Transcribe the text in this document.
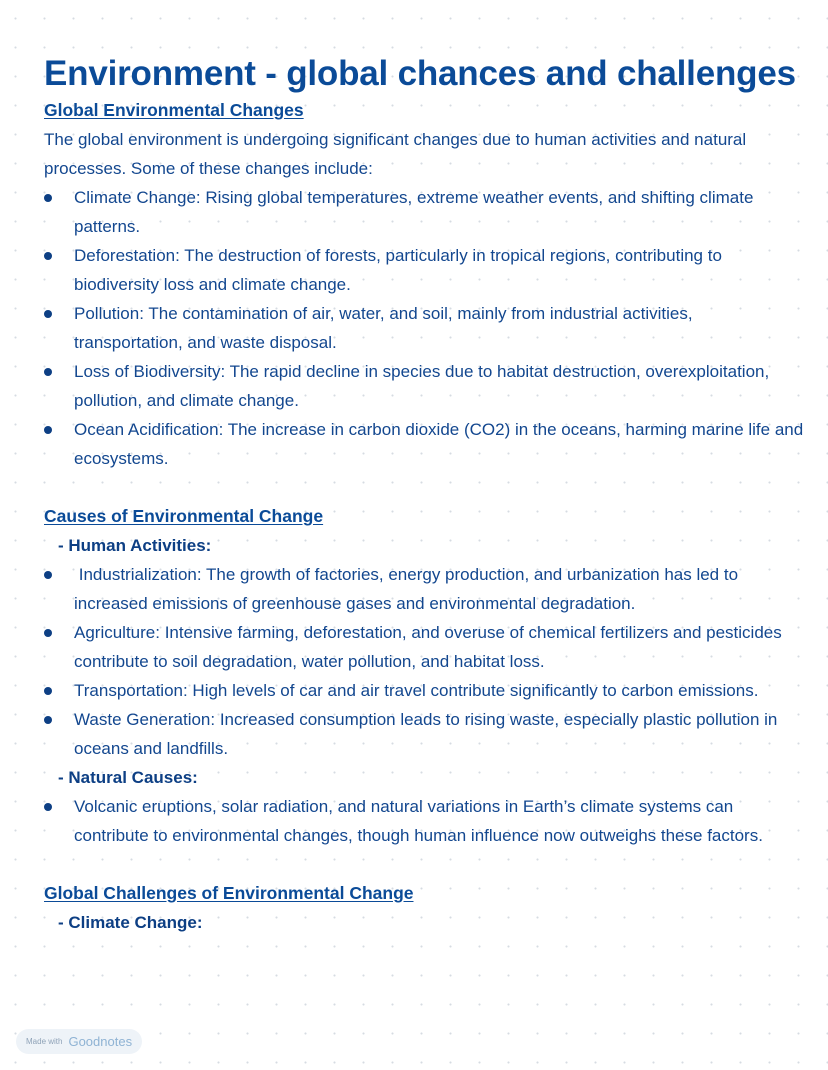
Environment - global chances and challenges
Global Environmental Changes

The global environment is undergoing significant changes due to human activities and natural processes. Some of these changes include:

Climate Change: Rising global temperatures, extreme weather events, and shifting climate patterns.
Deforestation: The destruction of forests, particularly in tropical regions, contributing to biodiversity loss and climate change.
Pollution: The contamination of air, water, and soil, mainly from industrial activities, transportation, and waste disposal.
Loss of Biodiversity: The rapid decline in species due to habitat destruction, overexploitation, pollution, and climate change.
Ocean Acidification: The increase in carbon dioxide (CO2) in the oceans, harming marine life and ecosystems.
Causes of Environmental Change
- Human Activities:
Industrialization: The growth of factories, energy production, and urbanization has led to increased emissions of greenhouse gases and environmental degradation.
Agriculture: Intensive farming, deforestation, and overuse of chemical fertilizers and pesticides contribute to soil degradation, water pollution, and habitat loss.
Transportation: High levels of car and air travel contribute significantly to carbon emissions.
Waste Generation: Increased consumption leads to rising waste, especially plastic pollution in oceans and landfills.
- Natural Causes:
Volcanic eruptions, solar radiation, and natural variations in Earth’s climate systems can contribute to environmental changes, though human influence now outweighs these factors.
Global Challenges of Environmental Change
- Climate Change:
Made with Goodnotes
